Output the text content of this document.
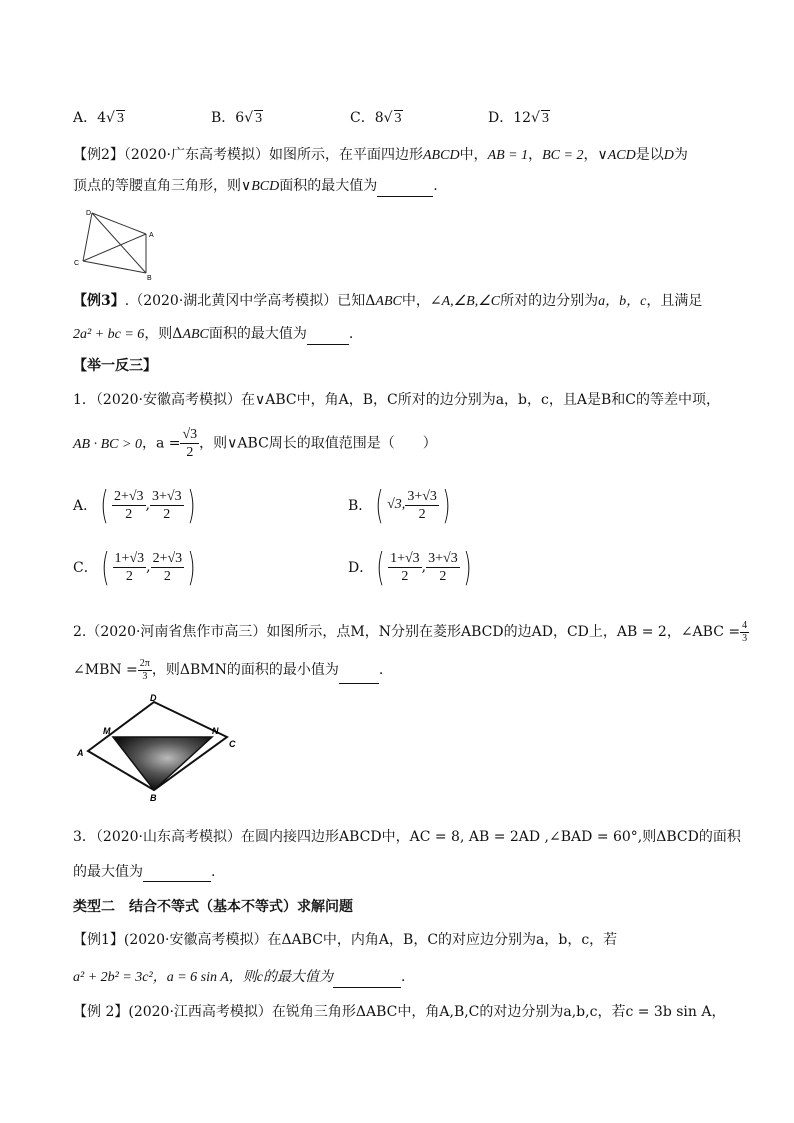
A．4√ 3	B．6√ 3	C．8√ 3	D．12√ 3
【例2】（2020·广东高考模拟）如图所示，在平面四边形ABCD中，AB = 1，BC = 2，∨ACD是以D为
顶点的等腰直角三角形，则∨BCD面积的最大值为	.
D
A
C
B
【例3】.（2020·湖北黄冈中学高考模拟）已知ΔABC中，∠A,∠B,∠C所对的边分别为a，b，c，且满足
2a² + bc = 6，则ΔABC面积的最大值为	.
【举一反三】
1．（2020·安徽高考模拟）在∨ABC中，角A，B，C所对的边分别为a，b，c，且A是B和C的等差中项，
AB · BC > 0，$a = \frac{√3}{2}$ ，则∨ABC周长的取值范围是（　　）
A． ( $\frac{2+√3}{2}$ , $\frac{3+√3}{2}$ )	B． ( √3, $\frac{3+√3}{2}$ )
C． ( $\frac{1+√3}{2}$ , $\frac{2+√3}{2}$ )	D． ( $\frac{1+√3}{2}$ , $\frac{3+√3}{2}$ )
2.（2020·河南省焦作市高三）如图所示，点M，N分别在菱形ABCD的边AD，CD上，AB = 2，∠ABC = $\frac{4}{3}$
∠MBN = $\frac{2\pi}{3}$ ，则ΔBMN的面积的最小值为	.
D
M	N
A
C
B
3．（2020·山东高考模拟）在圆内接四边形ABCD中，AC = 8, AB = 2AD ,∠BAD = 60°,则ΔBCD的面积
的最大值为	.
类型二　结合不等式（基本不等式）求解问题
【例1】(2020·安徽高考模拟）在ΔABC中，内角A，B，C的对应边分别为a，b，c，若
a² + 2b² = 3c²，a = 6 sin A，则c的最大值为	.
【例 2】(2020·江西高考模拟）在锐角三角形ΔABC中，角A,B,C的对边分别为a,b,c，若c = 3b sin A，
